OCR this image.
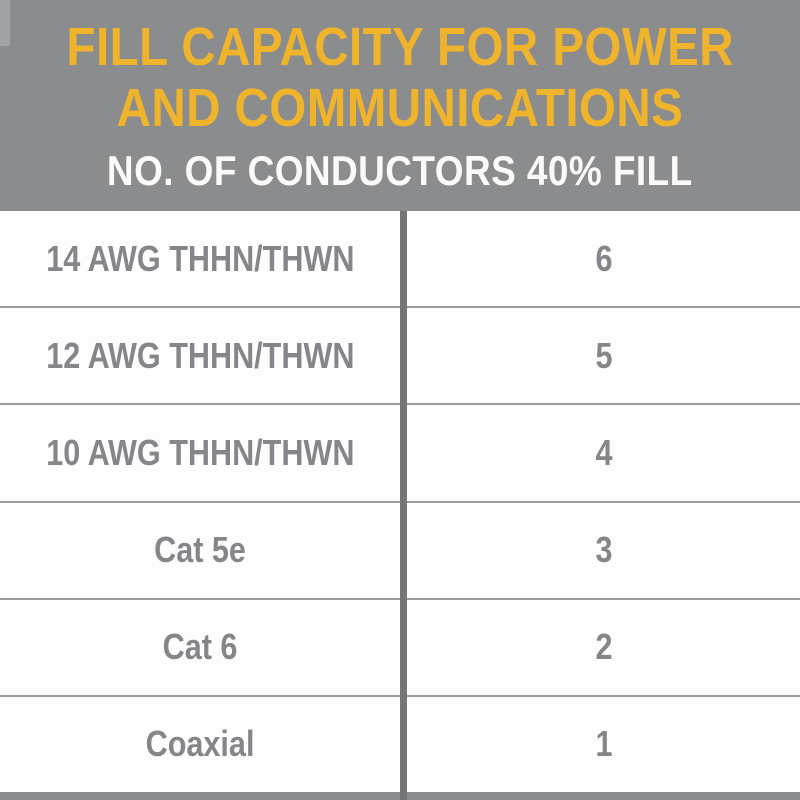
FILL CAPACITY FOR POWER
AND COMMUNICATIONS
NO. OF CONDUCTORS 40% FILL
14 AWG THHN/THWN	6
12 AWG THHN/THWN	5
10 AWG THHN/THWN	4
Cat 5e	3
Cat 6	2
Coaxial	1
